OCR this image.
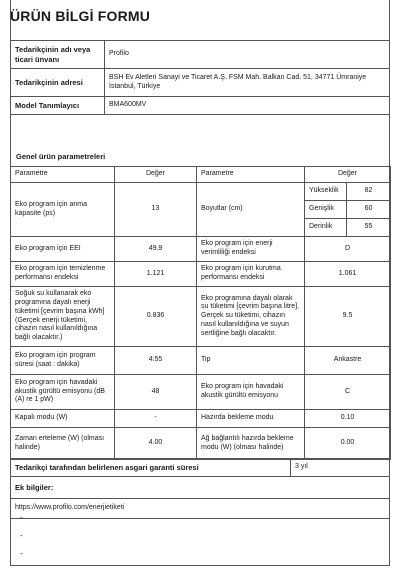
ÜRÜN BİLGİ FORMU
Tedarikçinin adı veya ticari ünvanı	Profilo
Tedarikçinin adresi	BSH Ev Aletleri Sanayi ve Ticaret A.Ş. FSM Mah. Balkan Cad. 51, 34771 Ümraniye İstanbul, Türkiye
Model Tanımlayıcı	BMA600MV
Genel ürün parametreleri
Parametre	Değer	Parametre	Değer	
Eko program için anma kapasite (ps)	13	Boyutlar (cm)	Yükseklik	82
			Genişlik	60
			Derinlik	55
Eko program için EEI	49.9	Eko program için enerji verimliliği endeksi	D	
Eko program için temizlenme performansı endeksi	1.121	Eko program için kurutma performansı endeksi	1.061	
Soğuk su kullanarak eko programına dayalı enerji tüketimi [çevrim başına kWh] (Gerçek enerji tüketimi, cihazın nasıl kullanıldığına bağlı olacaktır.)	0.836	Eko programına dayalı olarak su tüketimi [çevrim başına litre]. Gerçek su tüketimi, cihazın nasıl kullanıldığına ve suyun sertliğine bağlı olacaktır.	9.5	
Eko program için program süresi (saat : dakika)	4:55	Tip	Ankastre	
Eko program için havadaki akustik gürültü emisyonu (dB (A) re 1 pW)	48	Eko program için havadaki akustik gürültü emisyonu	C	
Kapalı modu (W)	-	Hazırda bekleme modu	0.10	
Zaman erteleme (W) (olması halinde)	4.00	Ağ bağlantılı hazırda bekleme modu (W) (olması halinde)	0.00	
Tedarikçi tarafından belirlenen asgari garanti süresi	3 yıl
Ek bilgiler:
https://www.profilo.com/enerjietiketi
-
-
-
